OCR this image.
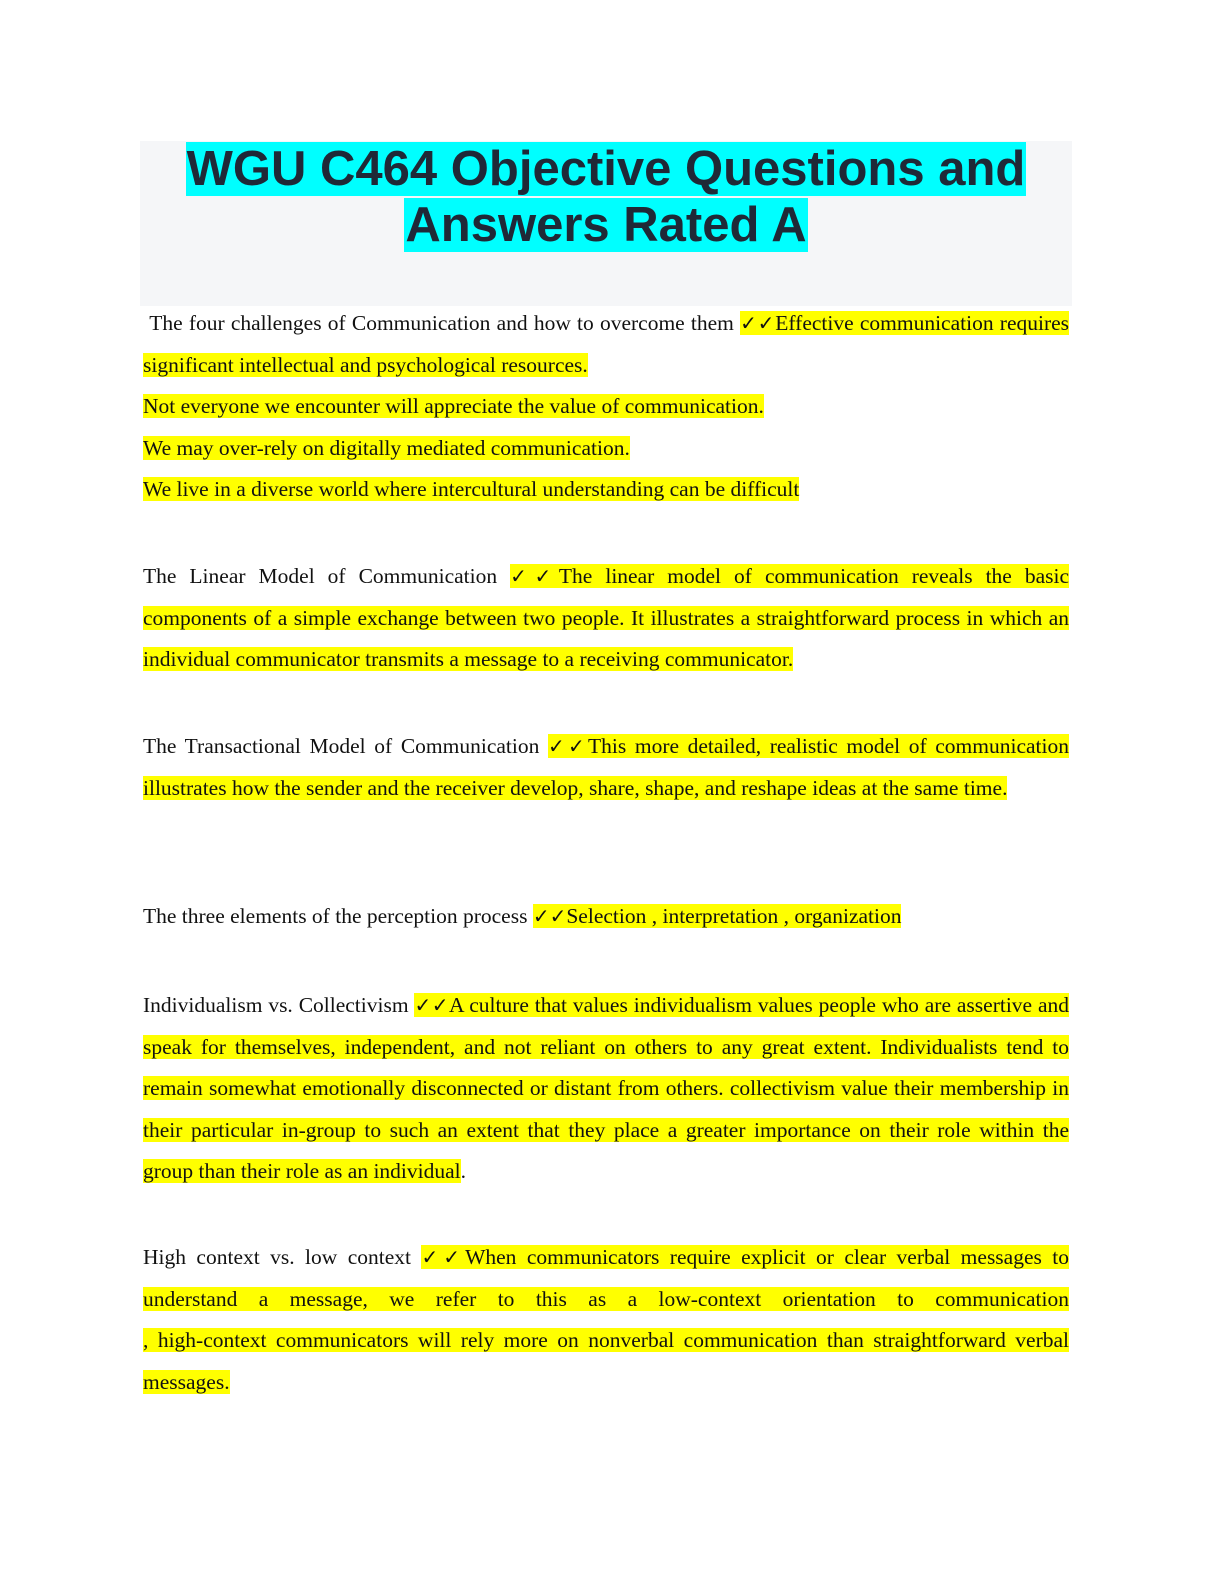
WGU C464 Objective Questions and
Answers Rated A
The four challenges of Communication and how to overcome them ✓✓Effective communication requires significant intellectual and psychological resources.
Not everyone we encounter will appreciate the value of communication.
We may over-rely on digitally mediated communication.
We live in a diverse world where intercultural understanding can be difficult
The Linear Model of Communication ✓✓The linear model of communication reveals the basic components of a simple exchange between two people. It illustrates a straightforward process in which an individual communicator transmits a message to a receiving communicator.
The Transactional Model of Communication ✓✓This more detailed, realistic model of communication illustrates how the sender and the receiver develop, share, shape, and reshape ideas at the same time.
The three elements of the perception process ✓✓Selection , interpretation , organization
Individualism vs. Collectivism ✓✓A culture that values individualism values people who are assertive and speak for themselves, independent, and not reliant on others to any great extent. Individualists tend to remain somewhat emotionally disconnected or distant from others. collectivism value their membership in their particular in-group to such an extent that they place a greater importance on their role within the group than their role as an individual.
High context vs. low context ✓✓When communicators require explicit or clear verbal messages to understand a message, we refer to this as a low-context orientation to communication
, high-context communicators will rely more on nonverbal communication than straightforward verbal messages.
